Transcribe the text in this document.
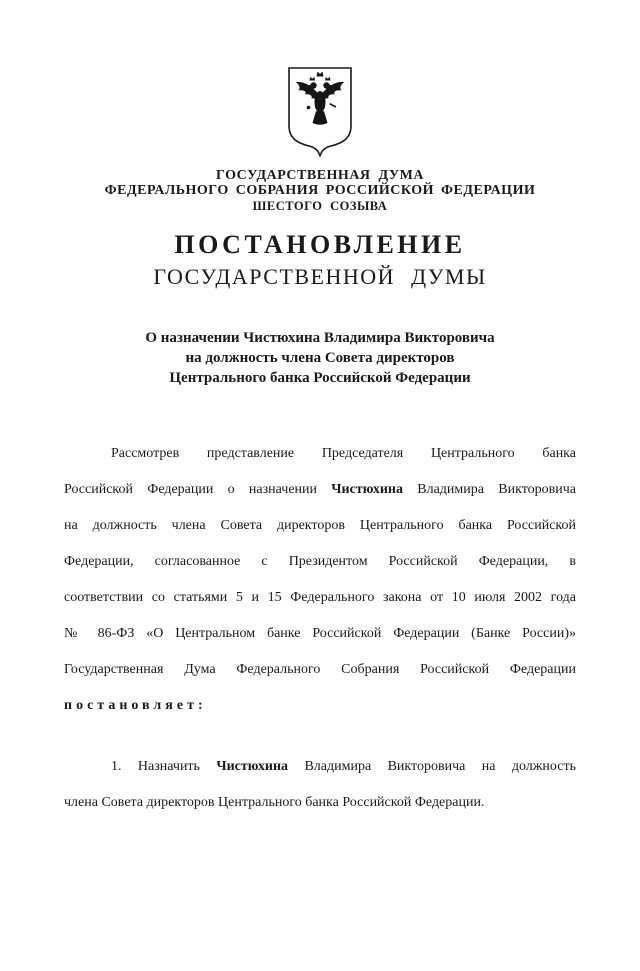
ГОСУДАРСТВЕННАЯ ДУМА
ФЕДЕРАЛЬНОГО СОБРАНИЯ РОССИЙСКОЙ ФЕДЕРАЦИИ
ШЕСТОГО СОЗЫВА
ПОСТАНОВЛЕНИЕ
ГОСУДАРСТВЕННОЙ ДУМЫ
О назначении Чистюхина Владимира Викторовича
на должность члена Совета директоров
Центрального банка Российской Федерации
Рассмотрев представление Председателя Центрального банка
Российской Федерации о назначении Чистюхина Владимира Викторовича
на должность члена Совета директоров Центрального банка Российской
Федерации, согласованное с Президентом Российской Федерации, в
соответствии со статьями 5 и 15 Федерального закона от 10 июля 2002 года
№ 86-ФЗ «О Центральном банке Российской Федерации (Банке России)»
Государственная Дума Федерального Собрания Российской Федерации
постановляет:
1. Назначить Чистюхина Владимира Викторовича на должность
члена Совета директоров Центрального банка Российской Федерации.
